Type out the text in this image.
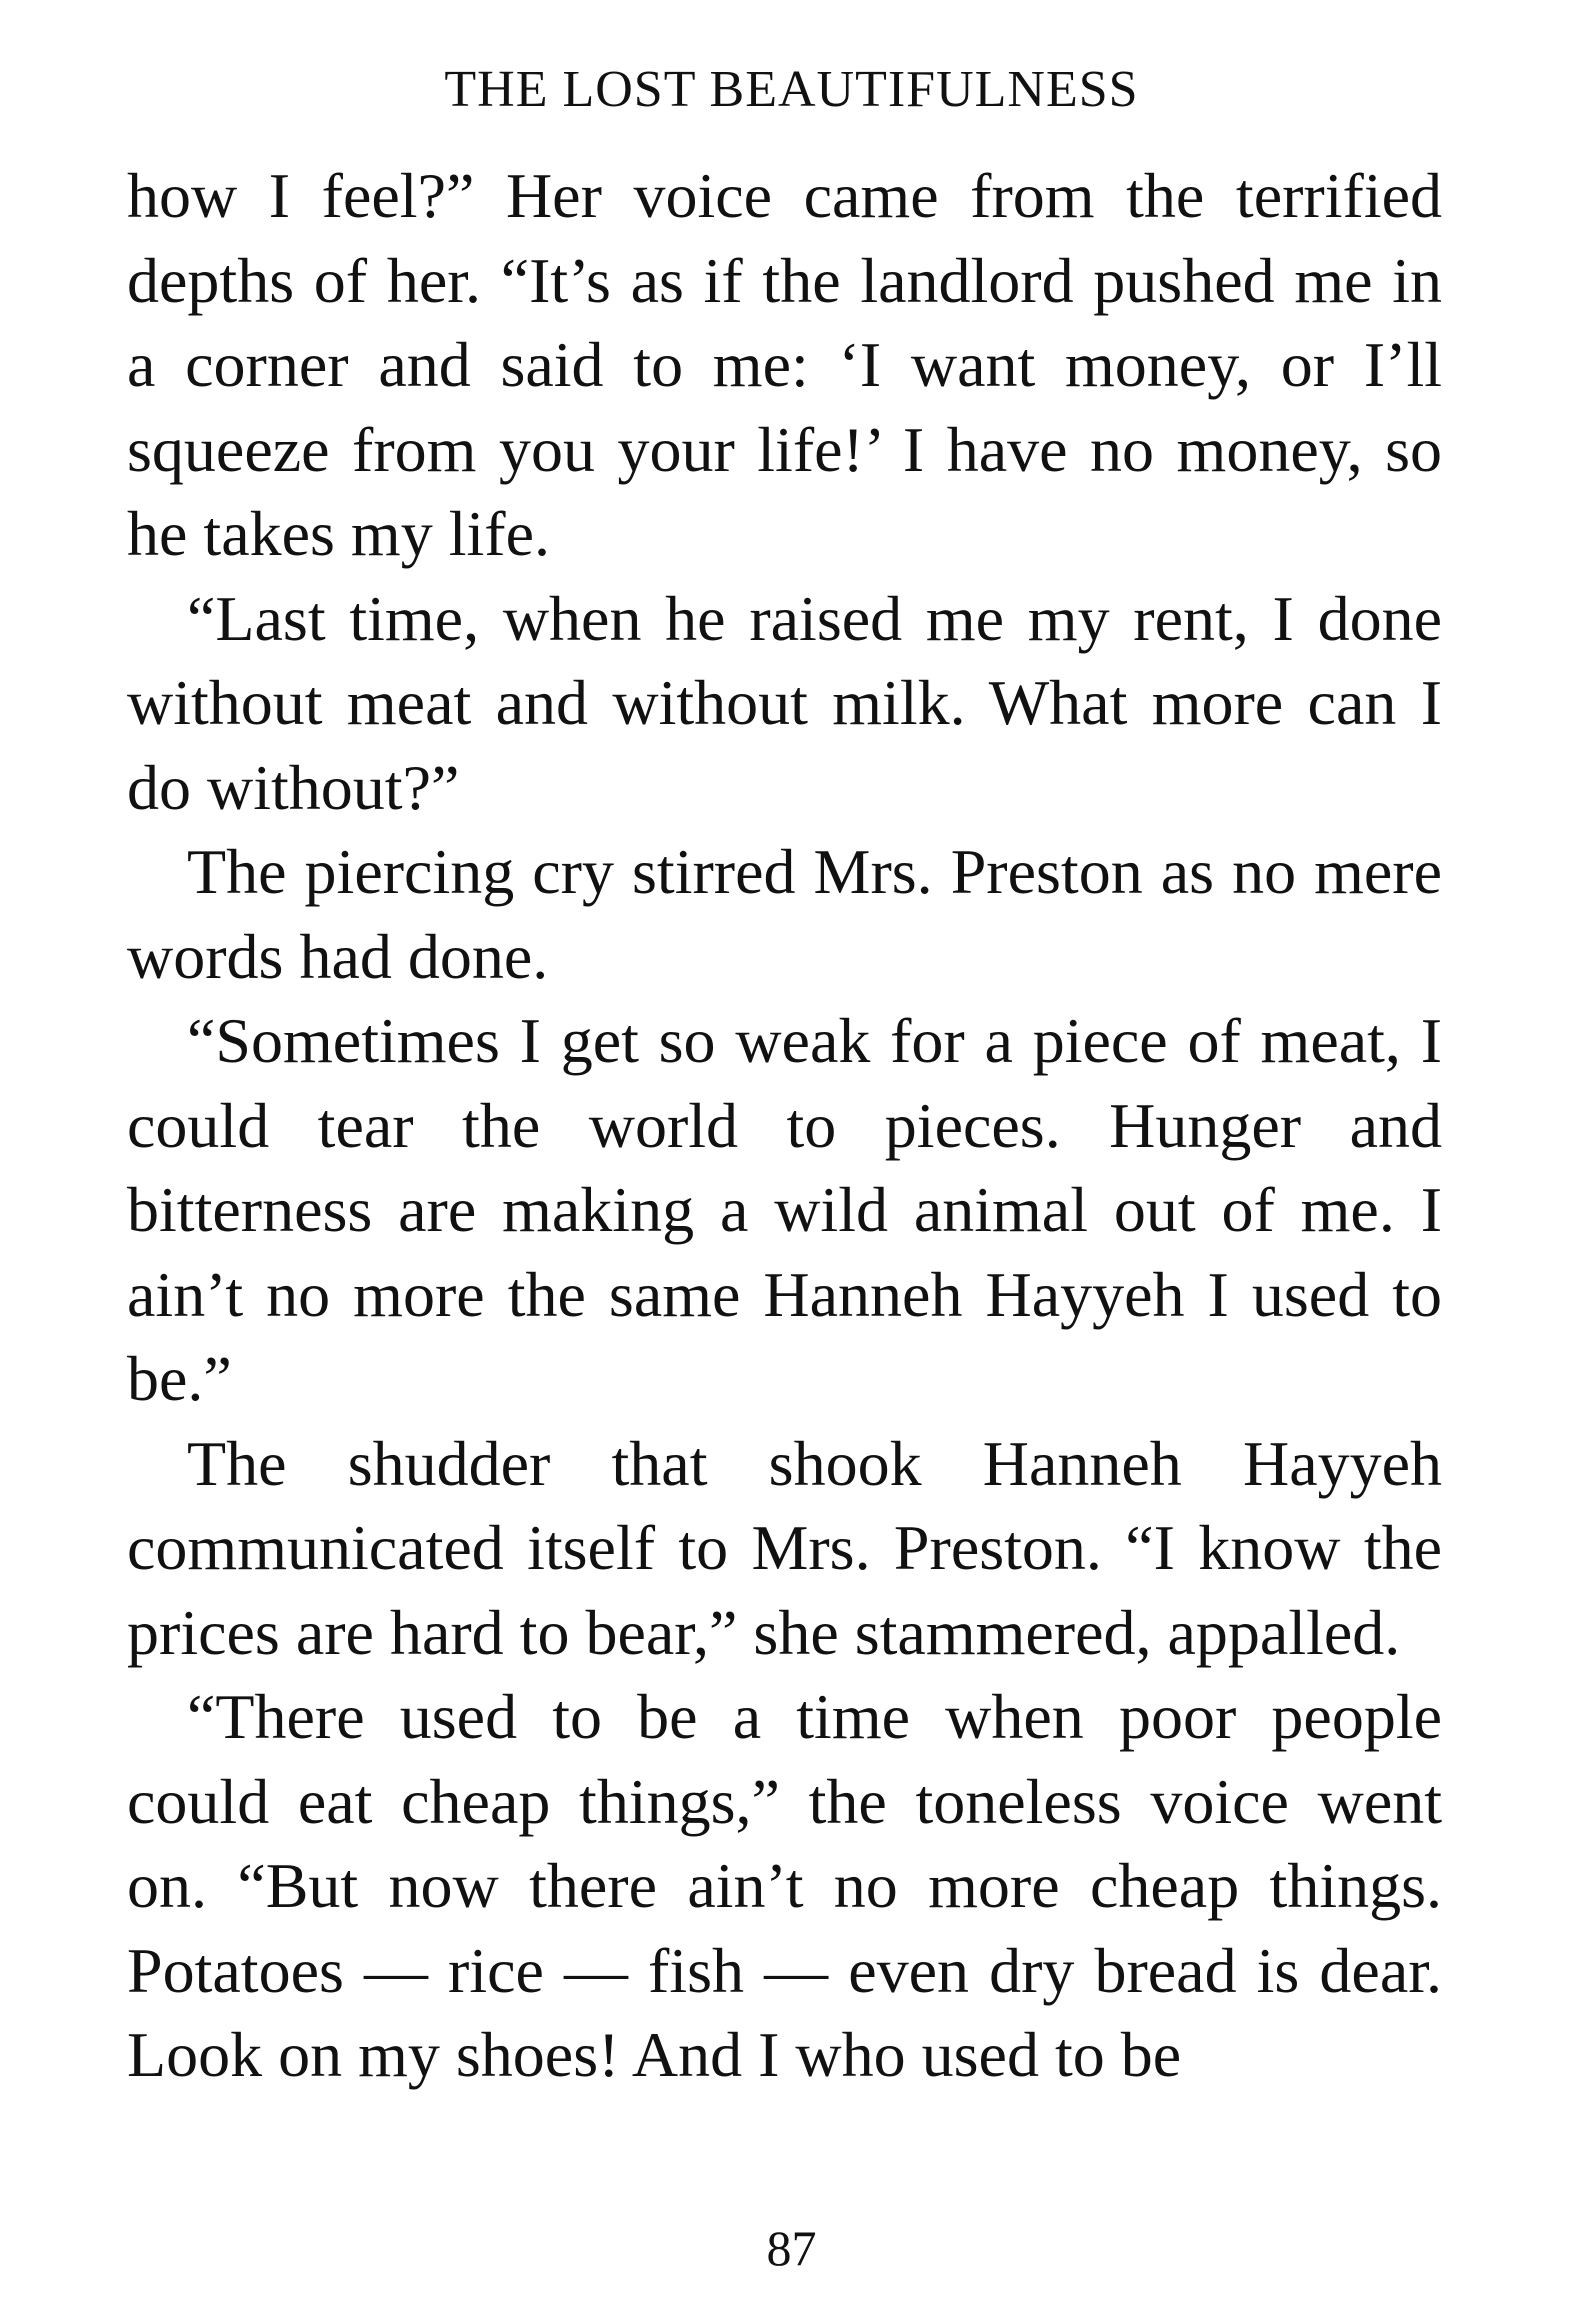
THE LOST BEAUTIFULNESS

how I feel?” Her voice came from the terrified depths of her. “It’s as if the landlord pushed me in a corner and said to me: ‘I want money, or I’ll squeeze from you your life!’ I have no money, so he takes my life.

“Last time, when he raised me my rent, I done without meat and without milk. What more can I do without?”

The piercing cry stirred Mrs. Preston as no mere words had done.

“Sometimes I get so weak for a piece of meat, I could tear the world to pieces. Hunger and bitterness are making a wild animal out of me. I ain’t no more the same Hanneh Hayyeh I used to be.”

The shudder that shook Hanneh Hayyeh communicated itself to Mrs. Preston. “I know the prices are hard to bear,” she stammered, appalled.

“There used to be a time when poor people could eat cheap things,” the toneless voice went on. “But now there ain’t no more cheap things. Potatoes — rice — fish — even dry bread is dear. Look on my shoes! And I who used to be

87
